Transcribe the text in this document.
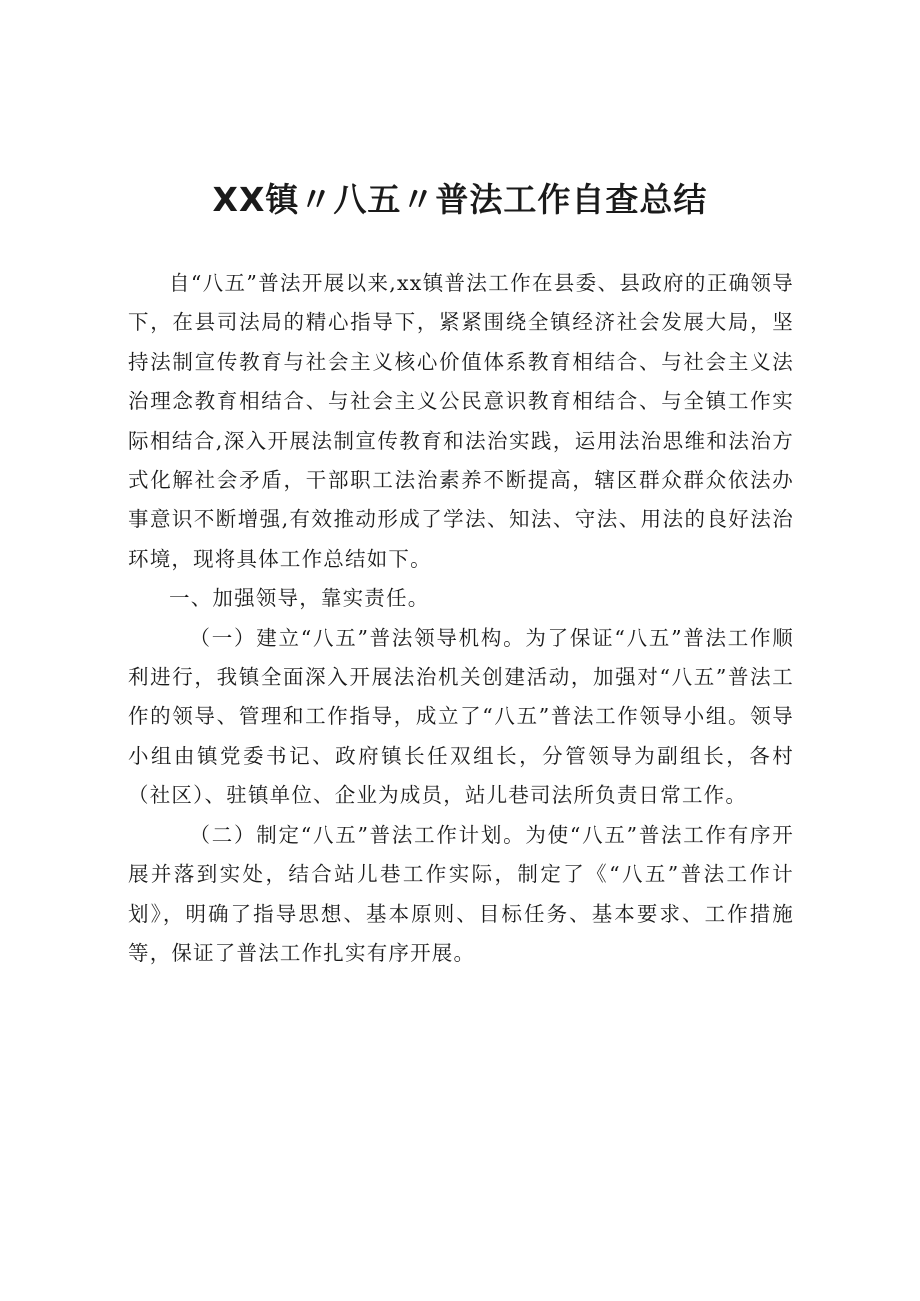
XX镇〃八五〃普法工作自查总结

自“八五”普法开展以来,xx镇普法工作在县委、县政府的正确领导下，在县司法局的精心指导下，紧紧围绕全镇经济社会发展大局，坚持法制宣传教育与社会主义核心价值体系教育相结合、与社会主义法治理念教育相结合、与社会主义公民意识教育相结合、与全镇工作实际相结合,深入开展法制宣传教育和法治实践，运用法治思维和法治方式化解社会矛盾，干部职工法治素养不断提高，辖区群众群众依法办事意识不断增强,有效推动形成了学法、知法、守法、用法的良好法治环境，现将具体工作总结如下。

一、加强领导，靠实责任。

（一）建立“八五”普法领导机构。为了保证“八五”普法工作顺利进行，我镇全面深入开展法治机关创建活动，加强对“八五”普法工作的领导、管理和工作指导，成立了“八五”普法工作领导小组。领导小组由镇党委书记、政府镇长任双组长，分管领导为副组长，各村（社区）、驻镇单位、企业为成员，站儿巷司法所负责日常工作。

（二）制定“八五”普法工作计划。为使“八五”普法工作有序开展并落到实处，结合站儿巷工作实际，制定了《“八五”普法工作计划》，明确了指导思想、基本原则、目标任务、基本要求、工作措施等，保证了普法工作扎实有序开展。
